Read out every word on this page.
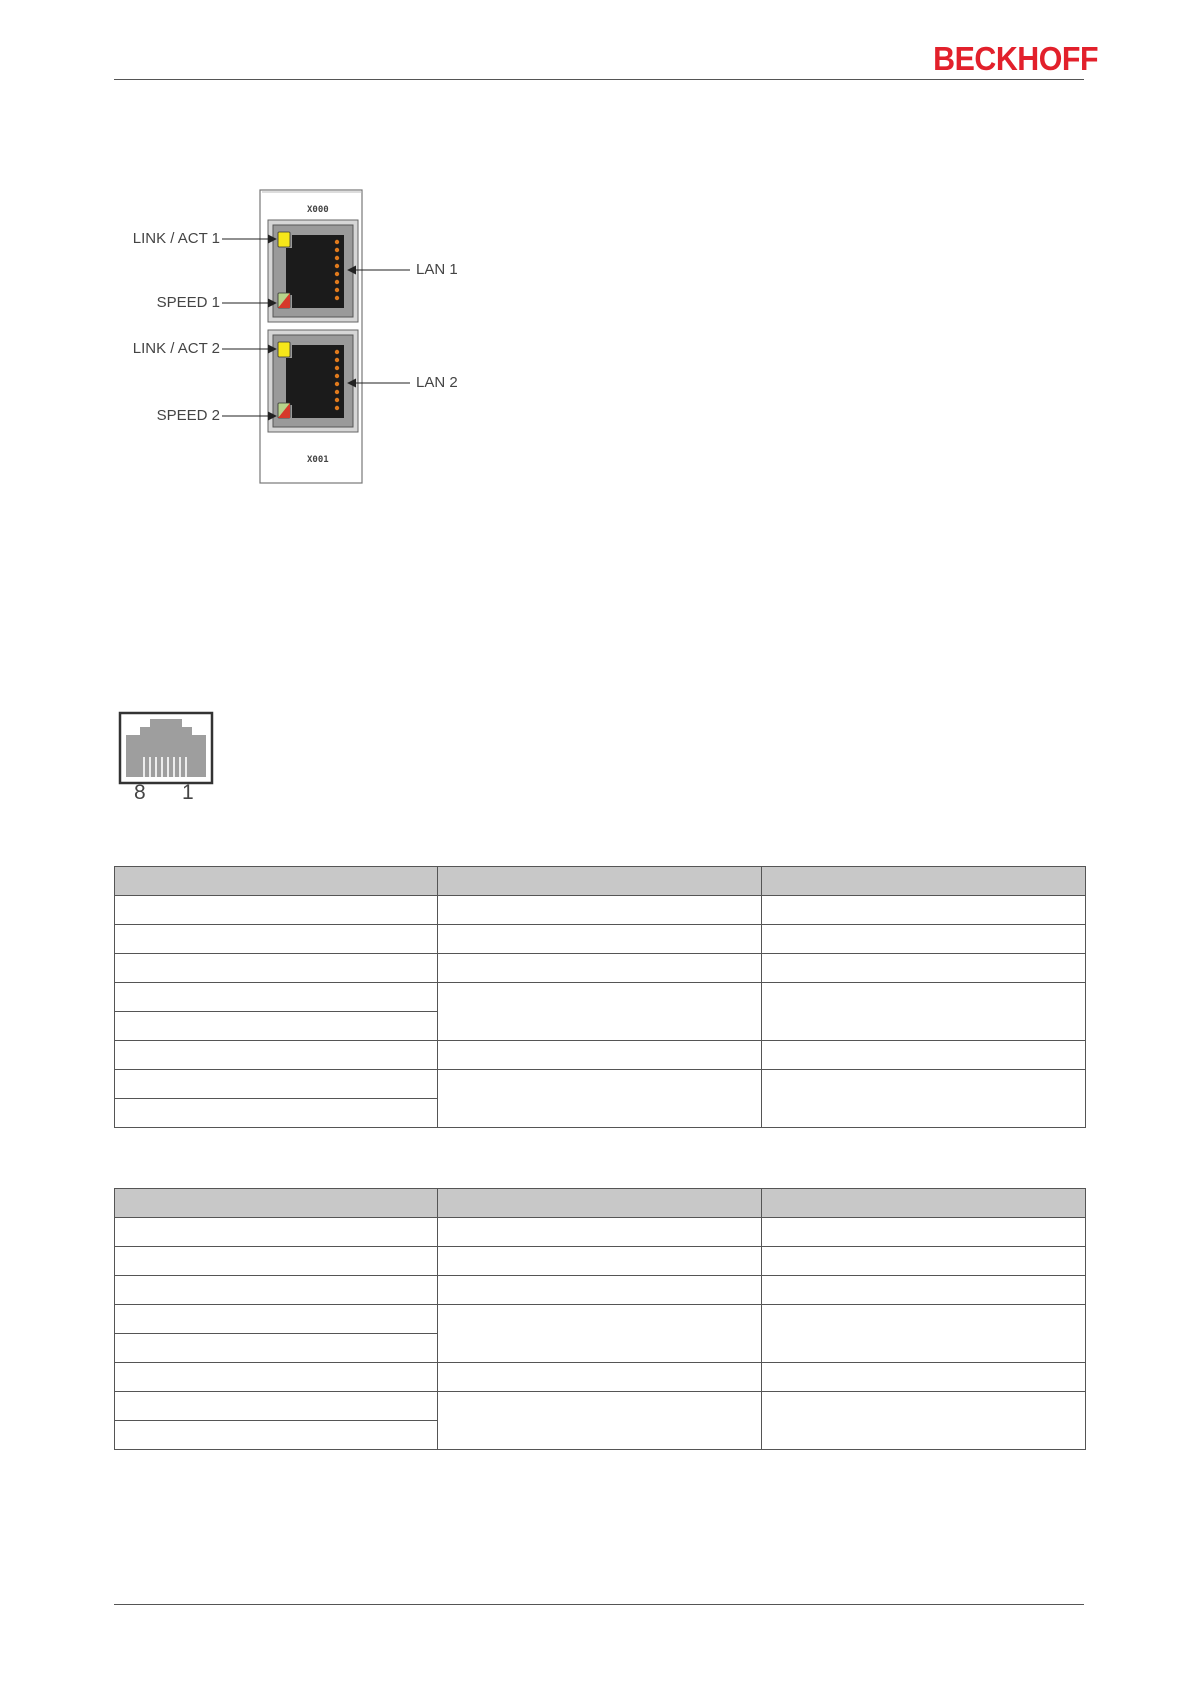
BECKHOFF
X000
X001
LINK / ACT 1
SPEED 1
LINK / ACT 2
SPEED 2
LAN 1
LAN 2
8 1
